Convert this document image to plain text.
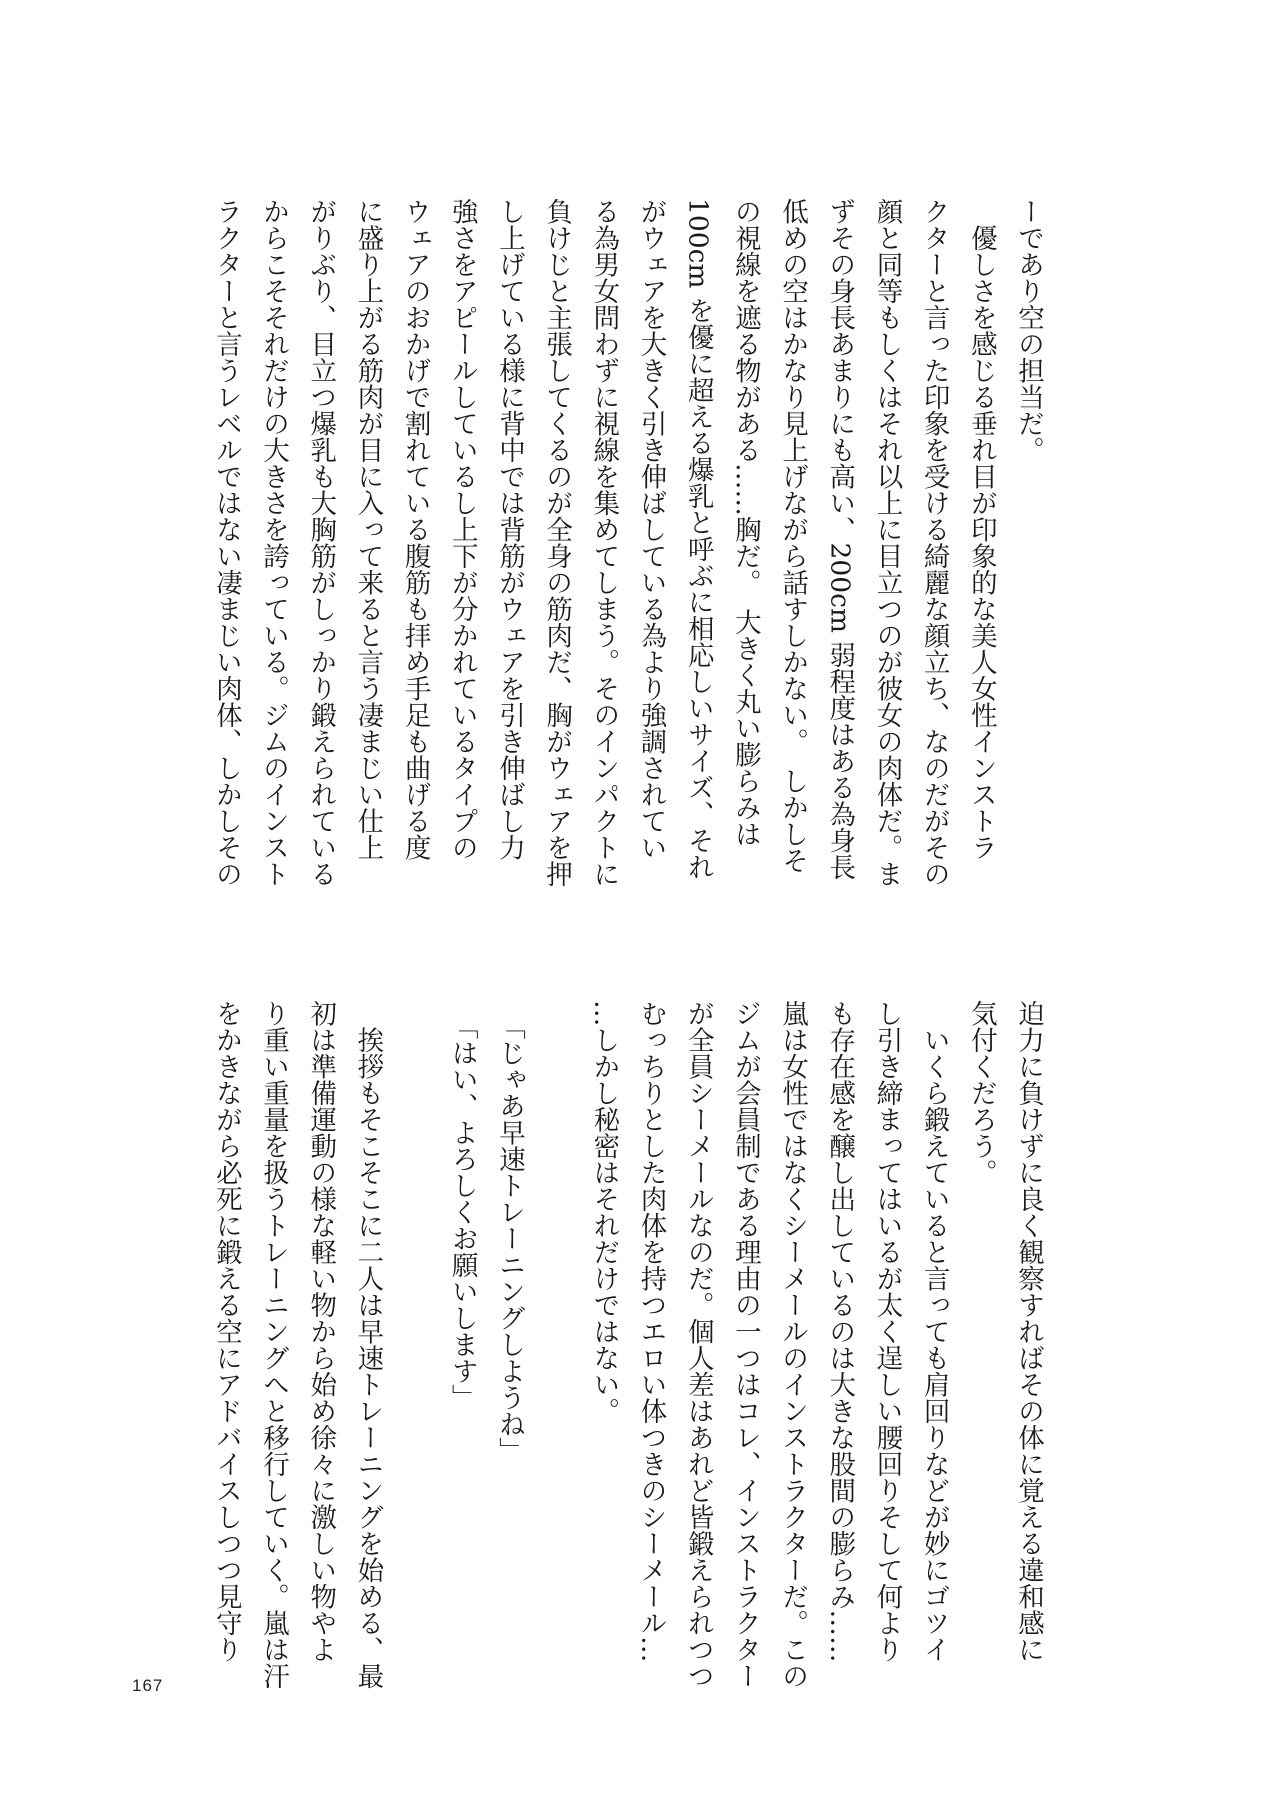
ーであり空の担当だ。
　優しさを感じる垂れ目が印象的な美人女性インストラ
クターと言った印象を受ける綺麗な顔立ち、なのだがその
顔と同等もしくはそれ以上に目立つのが彼女の肉体だ。ま
ずその身長あまりにも高い、200cm 弱程度はある為身長
低めの空はかなり見上げながら話すしかない。　しかしそ
の視線を遮る物がある……胸だ。　大きく丸い膨らみは
100cm を優に超える爆乳と呼ぶに相応しいサイズ、それ
がウェアを大きく引き伸ばしている為より強調されてい
る為男女問わずに視線を集めてしまう。そのインパクトに
負けじと主張してくるのが全身の筋肉だ、胸がウェアを押
し上げている様に背中では背筋がウェアを引き伸ばし力
強さをアピールしているし上下が分かれているタイプの
ウェアのおかげで割れている腹筋も拝め手足も曲げる度
に盛り上がる筋肉が目に入って来ると言う凄まじい仕上
がりぶり、目立つ爆乳も大胸筋がしっかり鍛えられている
からこそそれだけの大きさを誇っている。ジムのインスト
ラクターと言うレベルではない凄まじい肉体、しかしその
迫力に負けずに良く観察すればその体に覚える違和感に
気付くだろう。
　いくら鍛えていると言っても肩回りなどが妙にゴツイ
し引き締まってはいるが太く逞しい腰回りそして何より
も存在感を醸し出しているのは大きな股間の膨らみ……
嵐は女性ではなくシーメールのインストラクターだ。この
ジムが会員制である理由の一つはコレ、インストラクター
が全員シーメールなのだ。個人差はあれど皆鍛えられつつ
むっちりとした肉体を持つエロい体つきのシーメール…
…しかし秘密はそれだけではない。
　「じゃあ早速トレーニングしようね」
　「はい、よろしくお願いします」
　挨拶もそこそこに二人は早速トレーニングを始める、最
初は準備運動の様な軽い物から始め徐々に激しい物やよ
り重い重量を扱うトレーニングへと移行していく。嵐は汗
をかきながら必死に鍛える空にアドバイスしつつ見守り
167
